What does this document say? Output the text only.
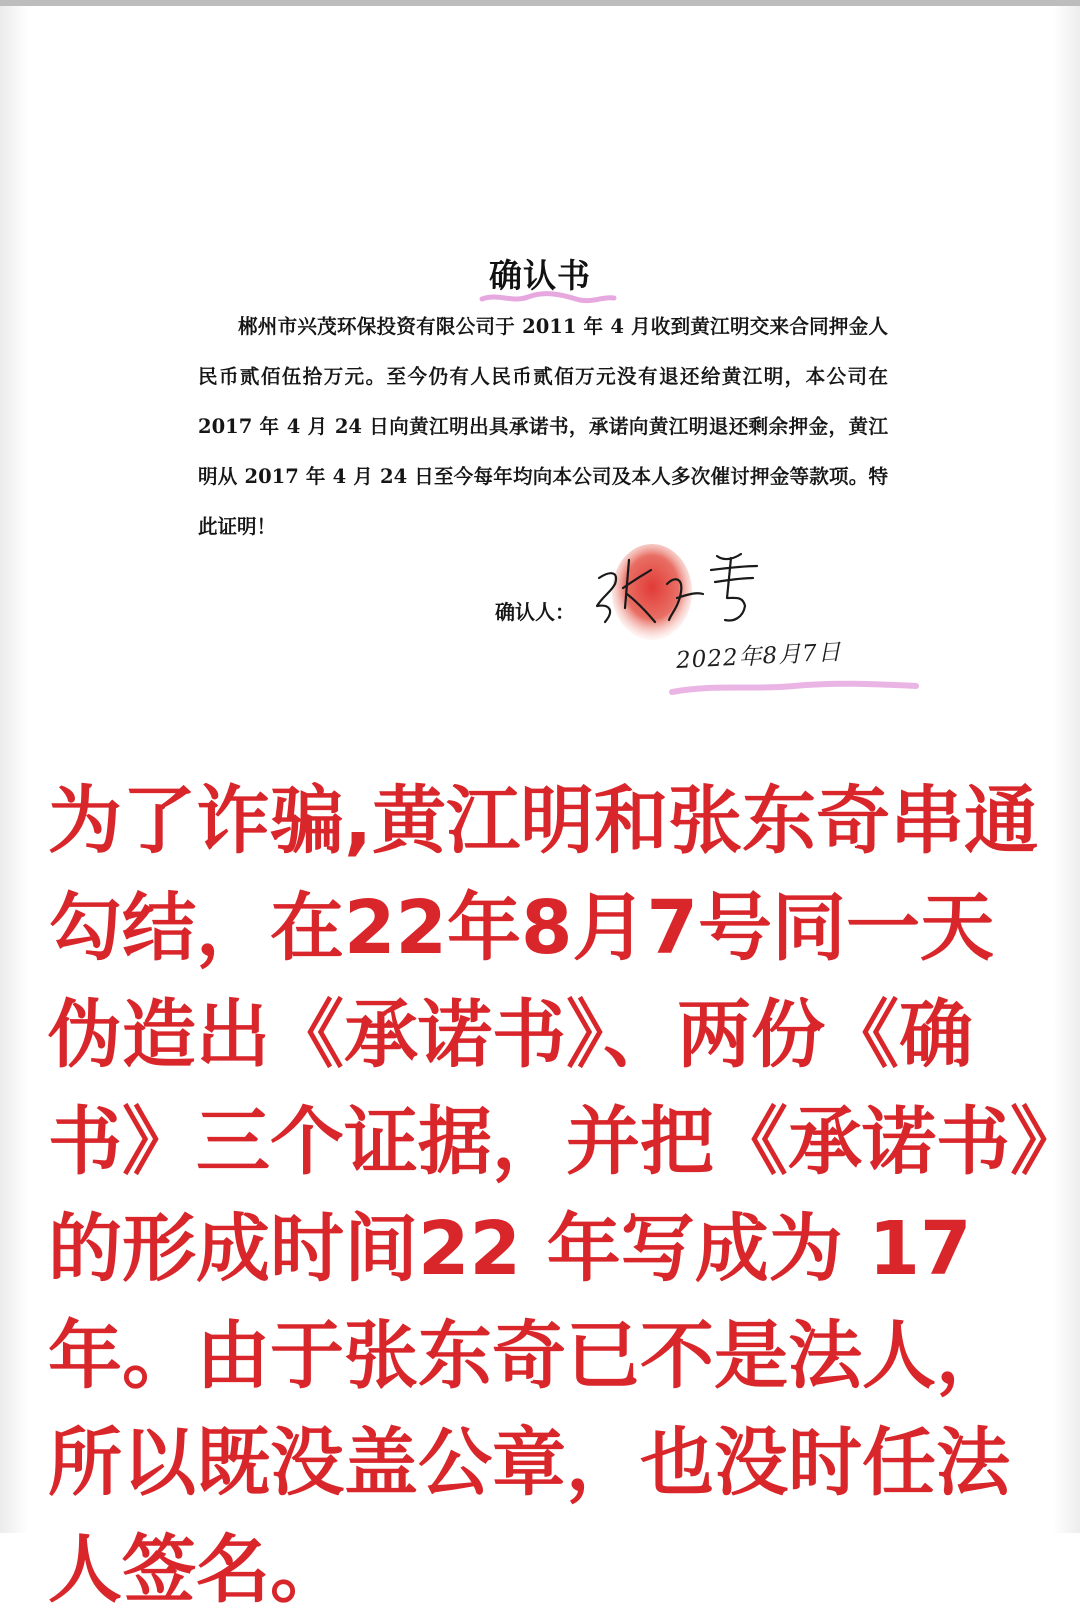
确认书

郴州市兴茂环保投资有限公司于 2011 年 4 月收到黄江明交来合同押金人民币贰佰伍拾万元。至今仍有人民币贰佰万元没有退还给黄江明，本公司在 2017 年 4 月 24 日向黄江明出具承诺书，承诺向黄江明退还剩余押金，黄江明从 2017 年 4 月 24 日至今每年均向本公司及本人多次催讨押金等款项。特此证明！

确认人：
2022年8月7日

为了诈骗,黄江明和张东奇串通勾结，在22年8月7号同一天伪造出《承诺书》、两份《确书》三个证据，并把《承诺书》的形成时间22 年写成为 17 年。由于张东奇已不是法人，所以既没盖公章，也没时任法人签名。
